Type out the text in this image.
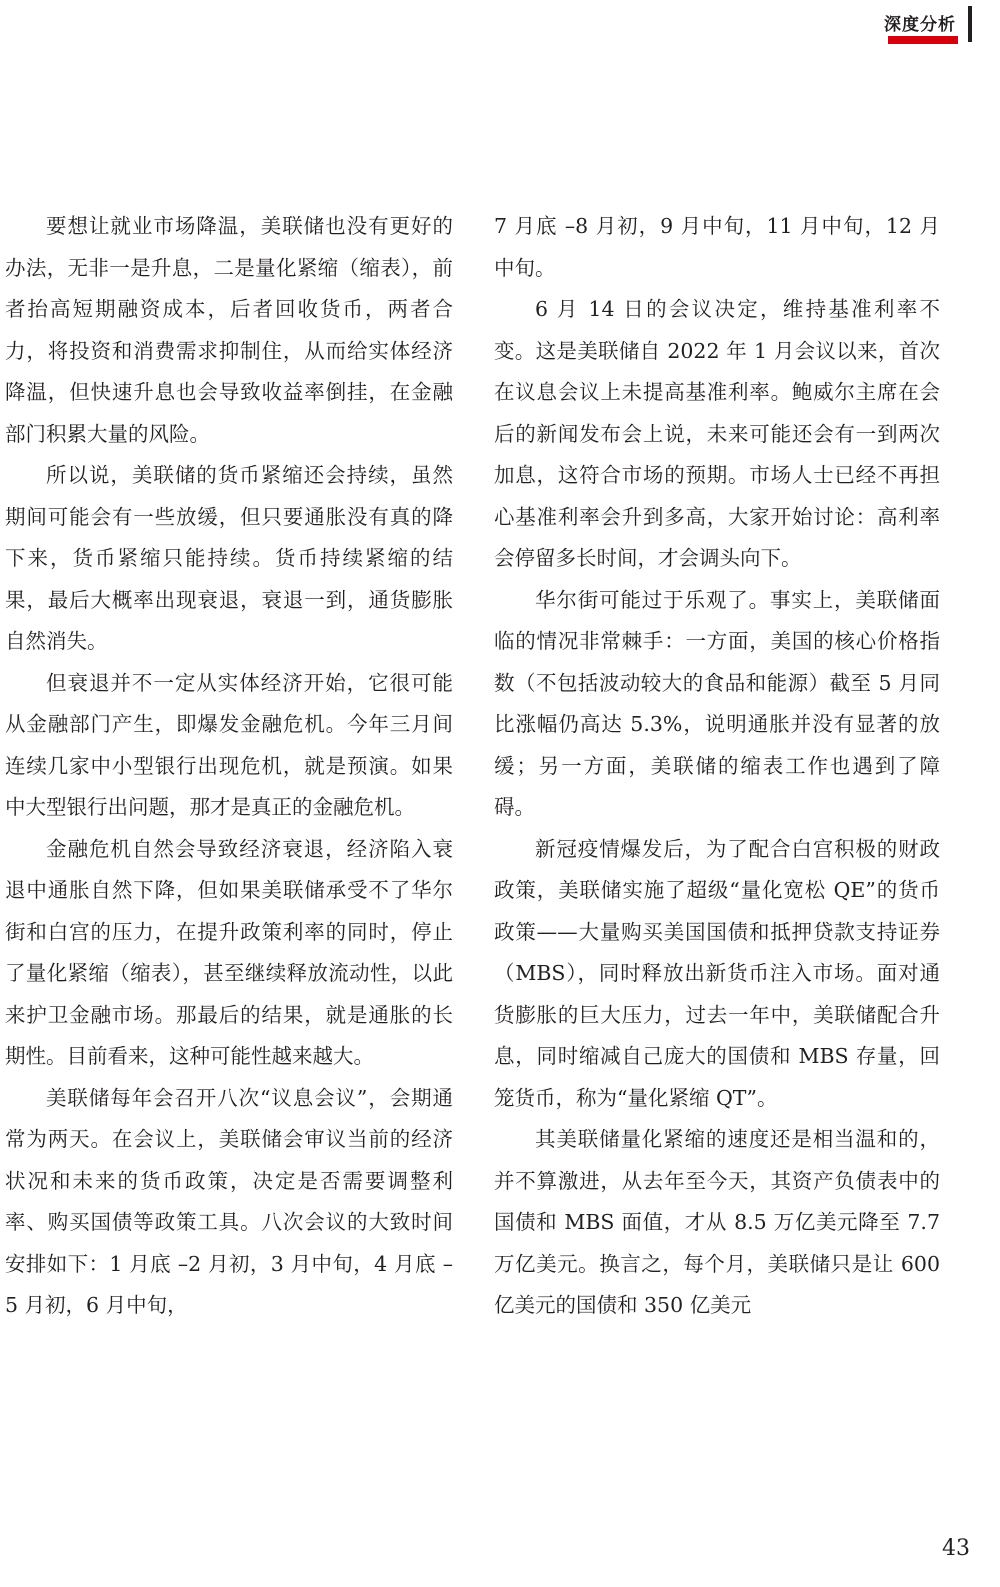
深度分析

要想让就业市场降温，美联储也没有更好的办法，无非一是升息，二是量化紧缩（缩表），前者抬高短期融资成本，后者回收货币，两者合力，将投资和消费需求抑制住，从而给实体经济降温，但快速升息也会导致收益率倒挂，在金融部门积累大量的风险。

所以说，美联储的货币紧缩还会持续，虽然期间可能会有一些放缓，但只要通胀没有真的降下来，货币紧缩只能持续。货币持续紧缩的结果，最后大概率出现衰退，衰退一到，通货膨胀自然消失。

但衰退并不一定从实体经济开始，它很可能从金融部门产生，即爆发金融危机。今年三月间连续几家中小型银行出现危机，就是预演。如果中大型银行出问题，那才是真正的金融危机。

金融危机自然会导致经济衰退，经济陷入衰退中通胀自然下降，但如果美联储承受不了华尔街和白宫的压力，在提升政策利率的同时，停止了量化紧缩（缩表），甚至继续释放流动性，以此来护卫金融市场。那最后的结果，就是通胀的长期性。目前看来，这种可能性越来越大。

美联储每年会召开八次“议息会议”，会期通常为两天。在会议上，美联储会审议当前的经济状况和未来的货币政策，决定是否需要调整利率、购买国债等政策工具。八次会议的大致时间安排如下：1 月底 –2 月初，3 月中旬，4 月底 –5 月初，6 月中旬，

7 月底 –8 月初，9 月中旬，11 月中旬，12 月中旬。

6 月 14 日的会议决定，维持基准利率不变。这是美联储自 2022 年 1 月会议以来，首次在议息会议上未提高基准利率。鲍威尔主席在会后的新闻发布会上说，未来可能还会有一到两次加息，这符合市场的预期。市场人士已经不再担心基准利率会升到多高，大家开始讨论：高利率会停留多长时间，才会调头向下。

华尔街可能过于乐观了。事实上，美联储面临的情况非常棘手：一方面，美国的核心价格指数（不包括波动较大的食品和能源）截至 5 月同比涨幅仍高达 5.3%，说明通胀并没有显著的放缓；另一方面，美联储的缩表工作也遇到了障碍。

新冠疫情爆发后，为了配合白宫积极的财政政策，美联储实施了超级“量化宽松 QE”的货币政策——大量购买美国国债和抵押贷款支持证券（MBS），同时释放出新货币注入市场。面对通货膨胀的巨大压力，过去一年中，美联储配合升息，同时缩减自己庞大的国债和 MBS 存量，回笼货币，称为“量化紧缩 QT”。

其美联储量化紧缩的速度还是相当温和的，并不算激进，从去年至今天，其资产负债表中的国债和 MBS 面值，才从 8.5 万亿美元降至 7.7 万亿美元。换言之，每个月，美联储只是让 600 亿美元的国债和 350 亿美元

43
